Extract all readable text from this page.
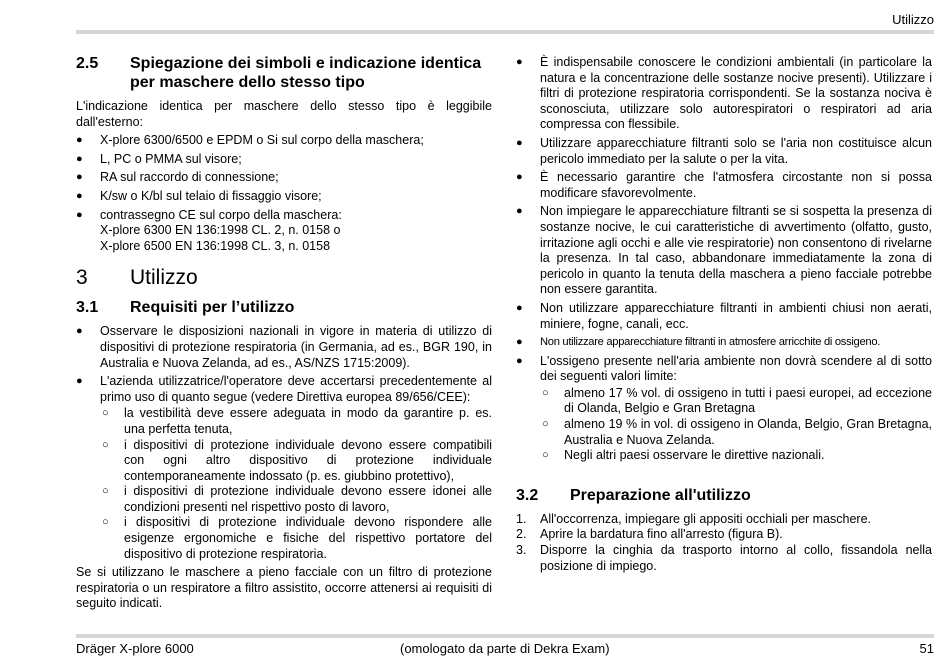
Utilizzo
2.5	Spiegazione dei simboli e indicazione identica per maschere dello stesso tipo

L'indicazione identica per maschere dello stesso tipo è leggibile dall'esterno:

● X-plore 6300/6500 e EPDM o Si sul corpo della maschera;
● L, PC o PMMA sul visore;
● RA sul raccordo di connessione;
● K/sw o K/bl sul telaio di fissaggio visore;
● contrassegno CE sul corpo della maschera:
X-plore 6300 EN 136:1998 CL. 2, n. 0158 o
X-plore 6500 EN 136:1998 CL. 3, n. 0158
3	Utilizzo
3.1	Requisiti per l’utilizzo
● Osservare le disposizioni nazionali in vigore in materia di utilizzo di dispositivi di protezione respiratoria (in Germania, ad es., BGR 190, in Australia e Nuova Zelanda, ad es., AS/NZS 1715:2009).
● L'azienda utilizzatrice/l'operatore deve accertarsi precedentemente al primo uso di quanto segue (vedere Direttiva europea 89/656/CEE):
○ la vestibilità deve essere adeguata in modo da garantire p. es. una perfetta tenuta,
○ i dispositivi di protezione individuale devono essere compatibili con ogni altro dispositivo di protezione individuale contemporaneamente indossato (p. es. giubbino protettivo),
○ i dispositivi di protezione individuale devono essere idonei alle condizioni presenti nel rispettivo posto di lavoro,
○ i dispositivi di protezione individuale devono rispondere alle esigenze ergonomiche e fisiche del rispettivo portatore del dispositivo di protezione respiratoria.

Se si utilizzano le maschere a pieno facciale con un filtro di protezione respiratoria o un respiratore a filtro assistito, occorre attenersi ai requisiti di seguito indicati.

● È indispensabile conoscere le condizioni ambientali (in particolare la natura e la concentrazione delle sostanze nocive presenti). Utilizzare i filtri di protezione respiratoria corrispondenti. Se la sostanza nociva è sconosciuta, utilizzare solo autorespiratori o respiratori ad aria compressa con flessibile.
● Utilizzare apparecchiature filtranti solo se l'aria non costituisce alcun pericolo immediato per la salute o per la vita.
● È necessario garantire che l'atmosfera circostante non si possa modificare sfavorevolmente.
● Non impiegare le apparecchiature filtranti se si sospetta la presenza di sostanze nocive, le cui caratteristiche di avvertimento (olfatto, gusto, irritazione agli occhi e alle vie respiratorie) non consentono di rivelarne la presenza. In tal caso, abbandonare immediatamente la zona di pericolo in quanto la tenuta della maschera a pieno facciale potrebbe non essere garantita.
● Non utilizzare apparecchiature filtranti in ambienti chiusi non aerati, miniere, fogne, canali, ecc.
● Non utilizzare apparecchiature filtranti in atmosfere arricchite di ossigeno.
● L'ossigeno presente nell'aria ambiente non dovrà scendere al di sotto dei seguenti valori limite:
○ almeno 17 % vol. di ossigeno in tutti i paesi europei, ad eccezione di Olanda, Belgio e Gran Bretagna
○ almeno 19 % in vol. di ossigeno in Olanda, Belgio, Gran Bretagna, Australia e Nuova Zelanda.
○ Negli altri paesi osservare le direttive nazionali.
3.2	Preparazione all'utilizzo
1. All'occorrenza, impiegare gli appositi occhiali per maschere.
2. Aprire la bardatura fino all'arresto (figura B).
3. Disporre la cinghia da trasporto intorno al collo, fissandola nella posizione di impiego.
Dräger X-plore 6000	(omologato da parte di Dekra Exam)	51
